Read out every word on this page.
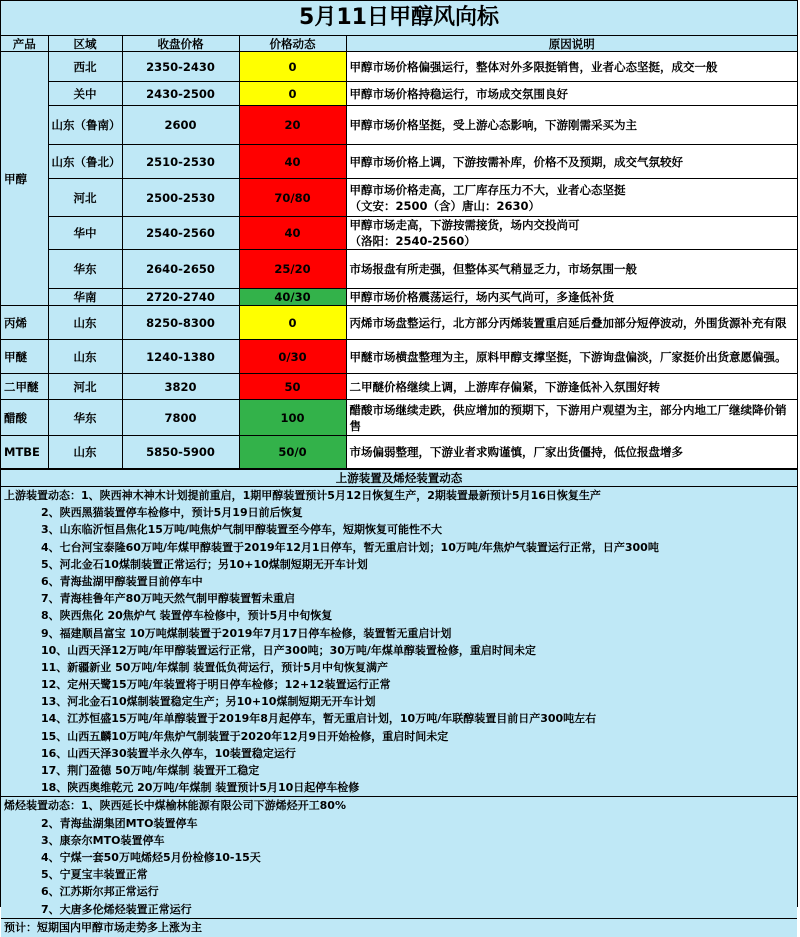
5月11日甲醇风向标
产品	区域	收盘价格	价格动态	原因说明
甲醇	西北	2350-2430	0	甲醇市场价格偏强运行，整体对外多限挺销售，业者心态坚挺，成交一般

	关中	2430-2500	0	甲醇市场价格持稳运行，市场成交氛围良好

	山东（鲁南）	2600	20	甲醇市场价格坚挺，受上游心态影响，下游刚需采买为主

	山东（鲁北）	2510-2530	40	甲醇市场价格上调，下游按需补库，价格不及预期，成交气氛较好

	河北	2500-2530	70/80	甲醇市场价格走高，工厂库存压力不大，业者心态坚挺
（文安：2500（含）唐山：2630）

	华中	2540-2560	40	甲醇市场走高，下游按需接货，场内交投尚可
（洛阳：2540-2560）

	华东	2640-2650	25/20	市场报盘有所走强，但整体买气稍显乏力，市场氛围一般

	华南	2720-2740	40/30	甲醇市场价格震荡运行，场内买气尚可，多逢低补货

丙烯	山东	8250-8300	0	丙烯市场盘整运行，北方部分丙烯装置重启延后叠加部分短停波动，外围货源补充有限

甲醚	山东	1240-1380	0/30	甲醚市场横盘整理为主，原料甲醇支撑坚挺，下游询盘偏淡，厂家挺价出货意愿偏强。

二甲醚	河北	3820	50	二甲醚价格继续上调，上游库存偏紧，下游逢低补入氛围好转

醋酸	华东	7800	100	醋酸市场继续走跌，供应增加的预期下，下游用户观望为主，部分内地工厂继续降价销售

MTBE	山东	5850-5900	50/0	市场偏弱整理，下游业者求购谨慎，厂家出货僵持，低位报盘增多
上游装置及烯烃装置动态
上游装置动态：1、陕西神木神木计划提前重启，1期甲醇装置预计5月12日恢复生产，2期装置最新预计5月16日恢复生产
2、陕西黑猫装置停车检修中，预计5月19日前后恢复
3、山东临沂恒昌焦化15万吨/吨焦炉气制甲醇装置至今停车，短期恢复可能性不大
4、七台河宝泰隆60万吨/年煤甲醇装置于2019年12月1日停车，暂无重启计划；10万吨/年焦炉气装置运行正常，日产300吨
5、河北金石10煤制装置正常运行；另10+10煤制短期无开车计划
6、青海盐湖甲醇装置目前停车中
7、青海桂鲁年产80万吨天然气制甲醇装置暂未重启
8、陕西焦化 20焦炉气 装置停车检修中，预计5月中旬恢复
9、福建顺昌富宝 10万吨煤制装置于2019年7月17日停车检修，装置暂无重启计划
10、山西天泽12万吨/年甲醇装置运行正常，日产300吨；30万吨/年煤单醇装置检修，重启时间未定
11、新疆新业 50万吨/年煤制 装置低负荷运行，预计5月中旬恢复满产
12、定州天鹭15万吨/年装置将于明日停车检修；12+12装置运行正常
13、河北金石10煤制装置稳定生产；另10+10煤制短期无开车计划
14、江苏恒盛15万吨/年单醇装置于2019年8月起停车，暂无重启计划，10万吨/年联醇装置目前日产300吨左右
15、山西五麟10万吨/年焦炉气制装置于2020年12月9日开始检修，重启时间未定
16、山西天泽30装置半永久停车，10装置稳定运行
17、荆门盈德 50万吨/年煤制 装置开工稳定
18、陕西奥维乾元 20万吨/年煤制 装置预计5月10日起停车检修
烯烃装置动态：1、陕西延长中煤榆林能源有限公司下游烯烃开工80%
2、青海盐湖集团MTO装置停车
3、康奈尔MTO装置停车
4、宁煤一套50万吨烯烃5月份检修10-15天
5、宁夏宝丰装置正常
6、江苏斯尔邦正常运行
7、大唐多伦烯烃装置正常运行
预计：短期国内甲醇市场走势多上涨为主
